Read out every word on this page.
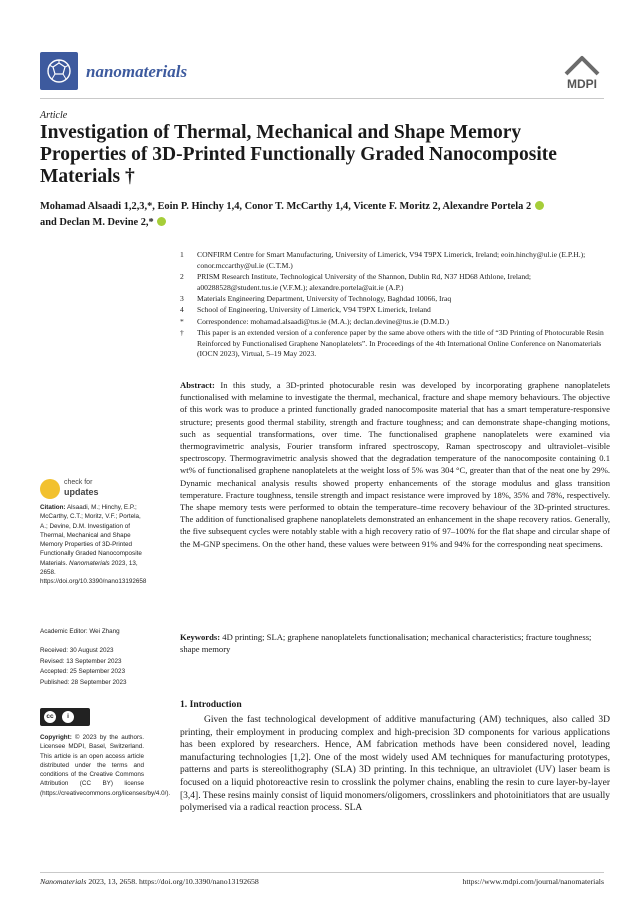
nanomaterials
MDPI
Article
Investigation of Thermal, Mechanical and Shape Memory Properties of 3D-Printed Functionally Graded Nanocomposite Materials †
Mohamad Alsaadi 1,2,3,*, Eoin P. Hinchy 1,4, Conor T. McCarthy 1,4, Vicente F. Moritz 2, Alexandre Portela 2
and Declan M. Devine 2,*
1	CONFIRM Centre for Smart Manufacturing, University of Limerick, V94 T9PX Limerick, Ireland; eoin.hinchy@ul.ie (E.P.H.); conor.mccarthy@ul.ie (C.T.M.)
2	PRISM Research Institute, Technological University of the Shannon, Dublin Rd, N37 HD68 Athlone, Ireland; a00288528@student.tus.ie (V.F.M.); alexandre.portela@ait.ie (A.P.)
3	Materials Engineering Department, University of Technology, Baghdad 10066, Iraq
4	School of Engineering, University of Limerick, V94 T9PX Limerick, Ireland
*	Correspondence: mohamad.alsaadi@tus.ie (M.A.); declan.devine@tus.ie (D.M.D.)
†	This paper is an extended version of a conference paper by the same above others with the title of “3D Printing of Photocurable Resin Reinforced by Functionalised Graphene Nanoplatelets”. In Proceedings of the 4th International Online Conference on Nanomaterials (IOCN 2023), Virtual, 5–19 May 2023.
Abstract: In this study, a 3D-printed photocurable resin was developed by incorporating graphene nanoplatelets functionalised with melamine to investigate the thermal, mechanical, fracture and shape memory behaviours. The objective of this work was to produce a printed functionally graded nanocomposite material that has a smart temperature-responsive structure; presents good thermal stability, strength and fracture toughness; and can demonstrate shape-changing motions, such as sequential transformations, over time. The functionalised graphene nanoplatelets were examined via thermogravimetric analysis, Fourier transform infrared spectroscopy, Raman spectroscopy and ultraviolet–visible spectroscopy. Thermogravimetric analysis showed that the degradation temperature of the nanocomposite containing 0.1 wt% of functionalised graphene nanoplatelets at the weight loss of 5% was 304 °C, greater than that of the neat one by 29%. Dynamic mechanical analysis results showed property enhancements of the storage modulus and glass transition temperature. Fracture toughness, tensile strength and impact resistance were improved by 18%, 35% and 78%, respectively. The shape memory tests were performed to obtain the temperature–time recovery behaviour of the 3D-printed structures. The addition of functionalised graphene nanoplatelets demonstrated an enhancement in the shape recovery ratios. Generally, the five subsequent cycles were notably stable with a high recovery ratio of 97–100% for the flat shape and circular shape of the M-GNP specimens. On the other hand, these values were between 91% and 94% for the corresponding neat specimens.
Keywords: 4D printing; SLA; graphene nanoplatelets functionalisation; mechanical characteristics; fracture toughness; shape memory
check for
updates
Citation: Alsaadi, M.; Hinchy, E.P.; McCarthy, C.T.; Moritz, V.F.; Portela, A.; Devine, D.M. Investigation of Thermal, Mechanical and Shape Memory Properties of 3D-Printed Functionally Graded Nanocomposite Materials. Nanomaterials 2023, 13, 2658. https://doi.org/10.3390/nano13192658
Academic Editor: Wei Zhang
Received: 30 August 2023
Revised: 13 September 2023
Accepted: 25 September 2023
Published: 28 September 2023
cc	i
Copyright: © 2023 by the authors. Licensee MDPI, Basel, Switzerland. This article is an open access article distributed under the terms and conditions of the Creative Commons Attribution (CC BY) license (https://creativecommons.org/licenses/by/4.0/).
1. Introduction
Given the fast technological development of additive manufacturing (AM) techniques, also called 3D printing, their employment in producing complex and high-precision 3D components for various applications has been explored by researchers. Hence, AM fabrication methods have been considered novel, leading manufacturing technologies [1,2]. One of the most widely used AM techniques for manufacturing prototypes, patterns and parts is stereolithography (SLA) 3D printing. In this technique, an ultraviolet (UV) laser beam is focused on a liquid photoreactive resin to crosslink the polymer chains, enabling the resin to cure layer-by-layer [3,4]. These resins mainly consist of liquid monomers/oligomers, crosslinkers and photoinitiators that are usually polymerised via a radical reaction process. SLA
Nanomaterials 2023, 13, 2658. https://doi.org/10.3390/nano13192658	https://www.mdpi.com/journal/nanomaterials
